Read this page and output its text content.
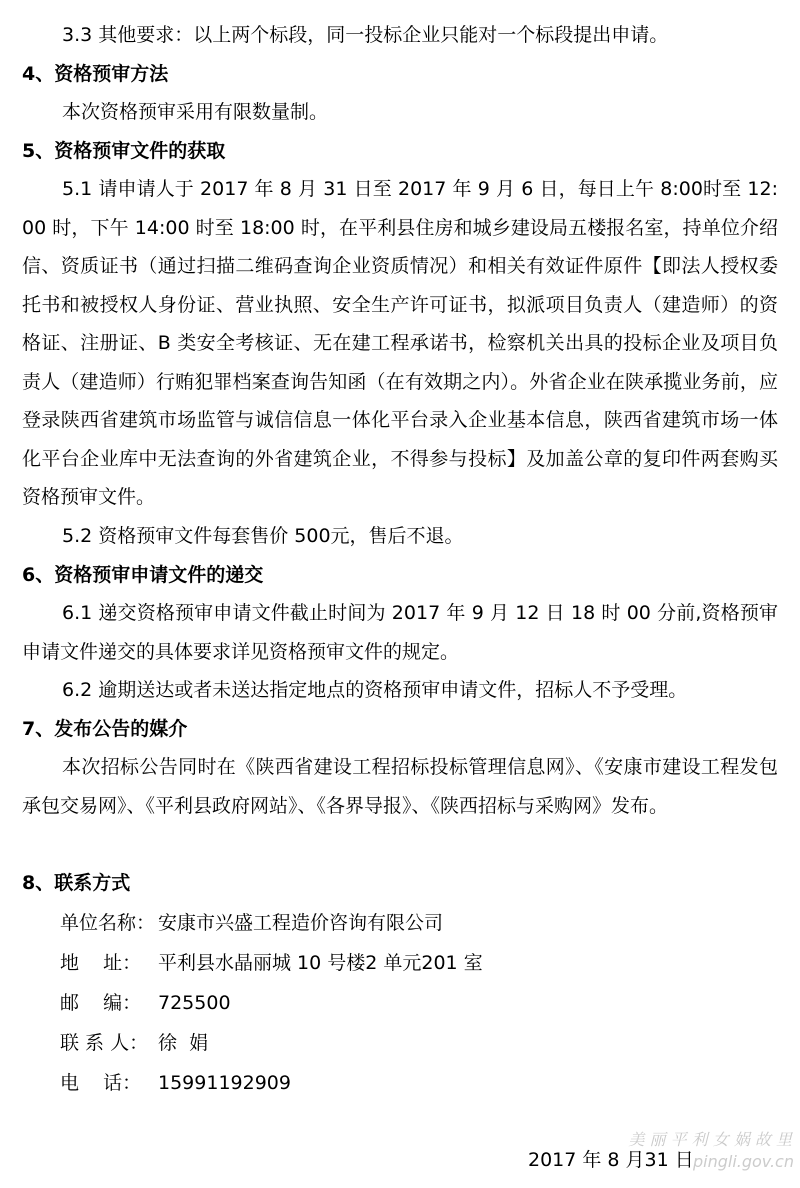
3.3 其他要求：以上两个标段，同一投标企业只能对一个标段提出申请。

4、资格预审方法

本次资格预审采用有限数量制。

5、资格预审文件的获取

5.1 请申请人于 2017 年 8 月 31 日至 2017 年 9 月 6 日，每日上午 8:00时至 12:00 时，下午 14:00 时至 18:00 时，在平利县住房和城乡建设局五楼报名室，持单位介绍信、资质证书（通过扫描二维码查询企业资质情况）和相关有效证件原件【即法人授权委托书和被授权人身份证、营业执照、安全生产许可证书，拟派项目负责人（建造师）的资格证、注册证、B 类安全考核证、无在建工程承诺书，检察机关出具的投标企业及项目负责人（建造师）行贿犯罪档案查询告知函（在有效期之内）。外省企业在陕承揽业务前，应登录陕西省建筑市场监管与诚信信息一体化平台录入企业基本信息，陕西省建筑市场一体化平台企业库中无法查询的外省建筑企业，不得参与投标】及加盖公章的复印件两套购买资格预审文件。

5.2 资格预审文件每套售价 500元，售后不退。

6、资格预审申请文件的递交

6.1 递交资格预审申请文件截止时间为 2017 年 9 月 12 日 18 时 00 分前,资格预审申请文件递交的具体要求详见资格预审文件的规定。

6.2 逾期送达或者未送达指定地点的资格预审申请文件，招标人不予受理。

7、发布公告的媒介

本次招标公告同时在《陕西省建设工程招标投标管理信息网》、《安康市建设工程发包承包交易网》、《平利县政府网站》、《各界导报》、《陕西招标与采购网》发布。

8、联系方式

单位名称： 安康市兴盛工程造价咨询有限公司
地    址： 平利县水晶丽城 10 号楼2 单元201 室
邮    编： 725500
联 系 人： 徐  娟
电    话： 15991192909
美 丽 平 利 女 娲 故 里
2017 年 8 月31 日 pingli.gov.cn
